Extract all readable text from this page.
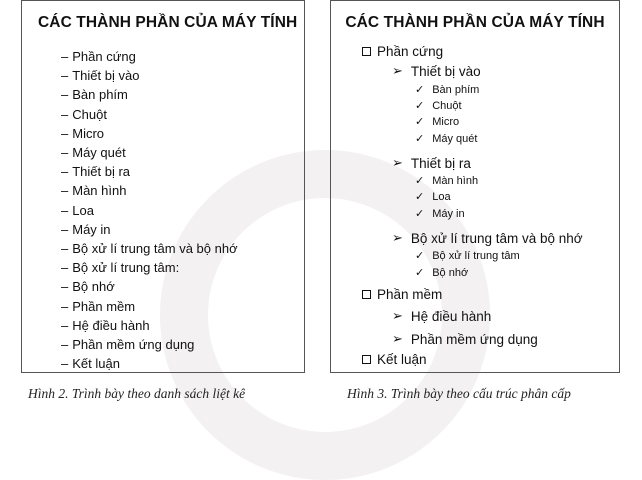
CÁC THÀNH PHẦN CỦA MÁY TÍNH
– Phần cứng
– Thiết bị vào
– Bàn phím
– Chuột
– Micro
– Máy quét
– Thiết bị ra
– Màn hình
– Loa
– Máy in
– Bộ xử lí trung tâm và bộ nhớ
– Bộ xử lí trung tâm:
– Bộ nhớ
– Phần mềm
– Hệ điều hành
– Phần mềm ứng dụng
– Kết luận
CÁC THÀNH PHẦN CỦA MÁY TÍNH
Phần cứng
➢ Thiết bị vào
✓ Bàn phím
✓ Chuột
✓ Micro
✓ Máy quét
➢ Thiết bị ra
✓ Màn hình
✓ Loa
✓ Máy in
➢ Bộ xử lí trung tâm và bộ nhớ
✓ Bộ xử lí trung tâm
✓ Bộ nhớ
Phần mềm
➢ Hệ điều hành
➢ Phần mềm ứng dụng
Kết luận
Hình 2. Trình bày theo danh sách liệt kê	Hình 3. Trình bày theo cấu trúc phân cấp
